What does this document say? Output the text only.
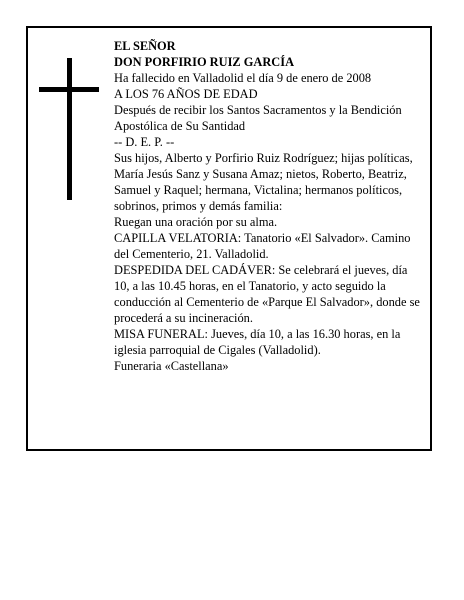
EL SEÑOR

DON PORFIRIO RUIZ GARCÍA

Ha fallecido en Valladolid el día 9 de enero de 2008

A LOS 76 AÑOS DE EDAD

Después de recibir los Santos Sacramentos y la Bendición Apostólica de Su Santidad

-- D. E. P. --

Sus hijos, Alberto y Porfirio Ruiz Rodríguez; hijas políticas, María Jesús Sanz y Susana Amaz; nietos, Roberto, Beatriz, Samuel y Raquel; hermana, Victalina; hermanos políticos, sobrinos, primos y demás familia:

Ruegan una oración por su alma.

CAPILLA VELATORIA: Tanatorio «El Salvador». Camino del Cementerio, 21. Valladolid.

DESPEDIDA DEL CADÁVER: Se celebrará el jueves, día 10, a las 10.45 horas, en el Tanatorio, y acto seguido la conducción al Cementerio de «Parque El Salvador», donde se procederá a su incineración.

MISA FUNERAL: Jueves, día 10, a las 16.30 horas, en la iglesia parroquial de Cigales (Valladolid).

Funeraria «Castellana»
